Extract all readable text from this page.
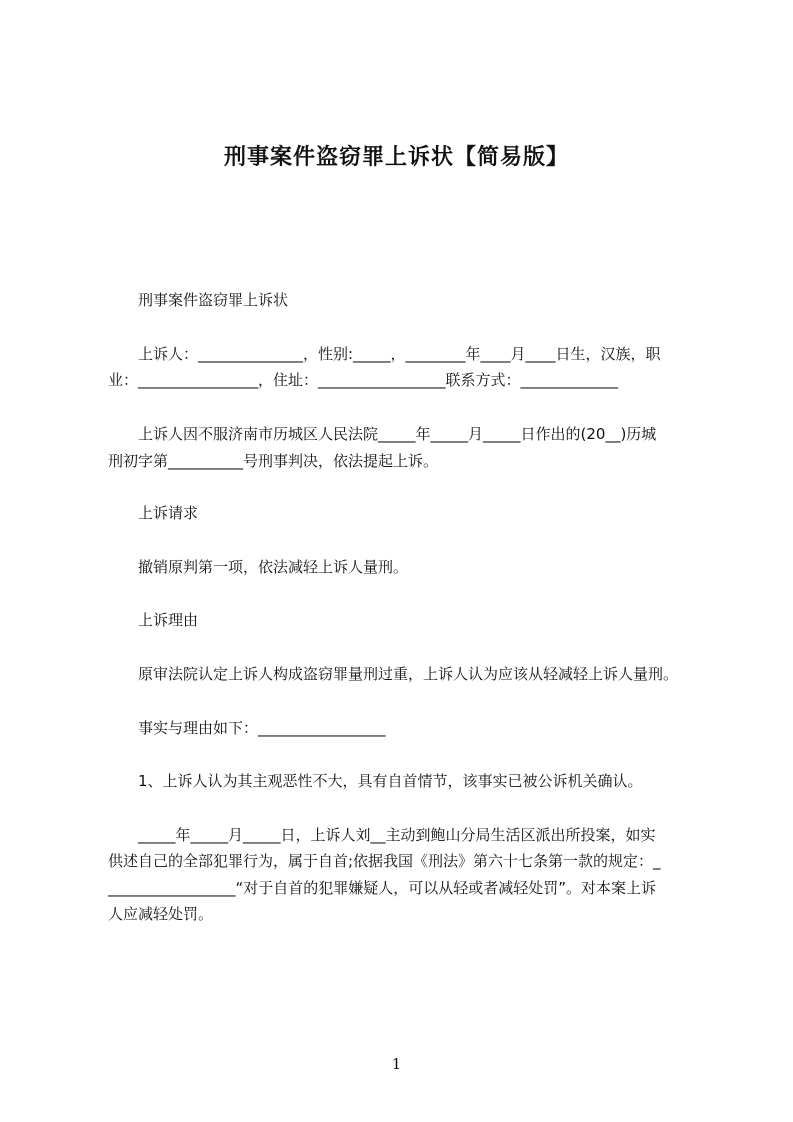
刑事案件盗窃罪上诉状【简易版】
刑事案件盗窃罪上诉状
上诉人：______________，性别:_____，________年____月____日生，汉族，职
业：________________，住址：_________________联系方式：_____________
上诉人因不服济南市历城区人民法院_____年_____月_____日作出的(20__)历城
刑初字第__________号刑事判决，依法提起上诉。
上诉请求
撤销原判第一项，依法减轻上诉人量刑。
上诉理由
原审法院认定上诉人构成盗窃罪量刑过重，上诉人认为应该从轻减轻上诉人量刑。
事实与理由如下：_________________
1、上诉人认为其主观恶性不大，具有自首情节，该事实已被公诉机关确认。
_____年_____月_____日，上诉人刘__主动到鲍山分局生活区派出所投案，如实
供述自己的全部犯罪行为，属于自首;依据我国《刑法》第六十七条第一款的规定：_
_________________“对于自首的犯罪嫌疑人，可以从轻或者减轻处罚”。对本案上诉
人应减轻处罚。
1
